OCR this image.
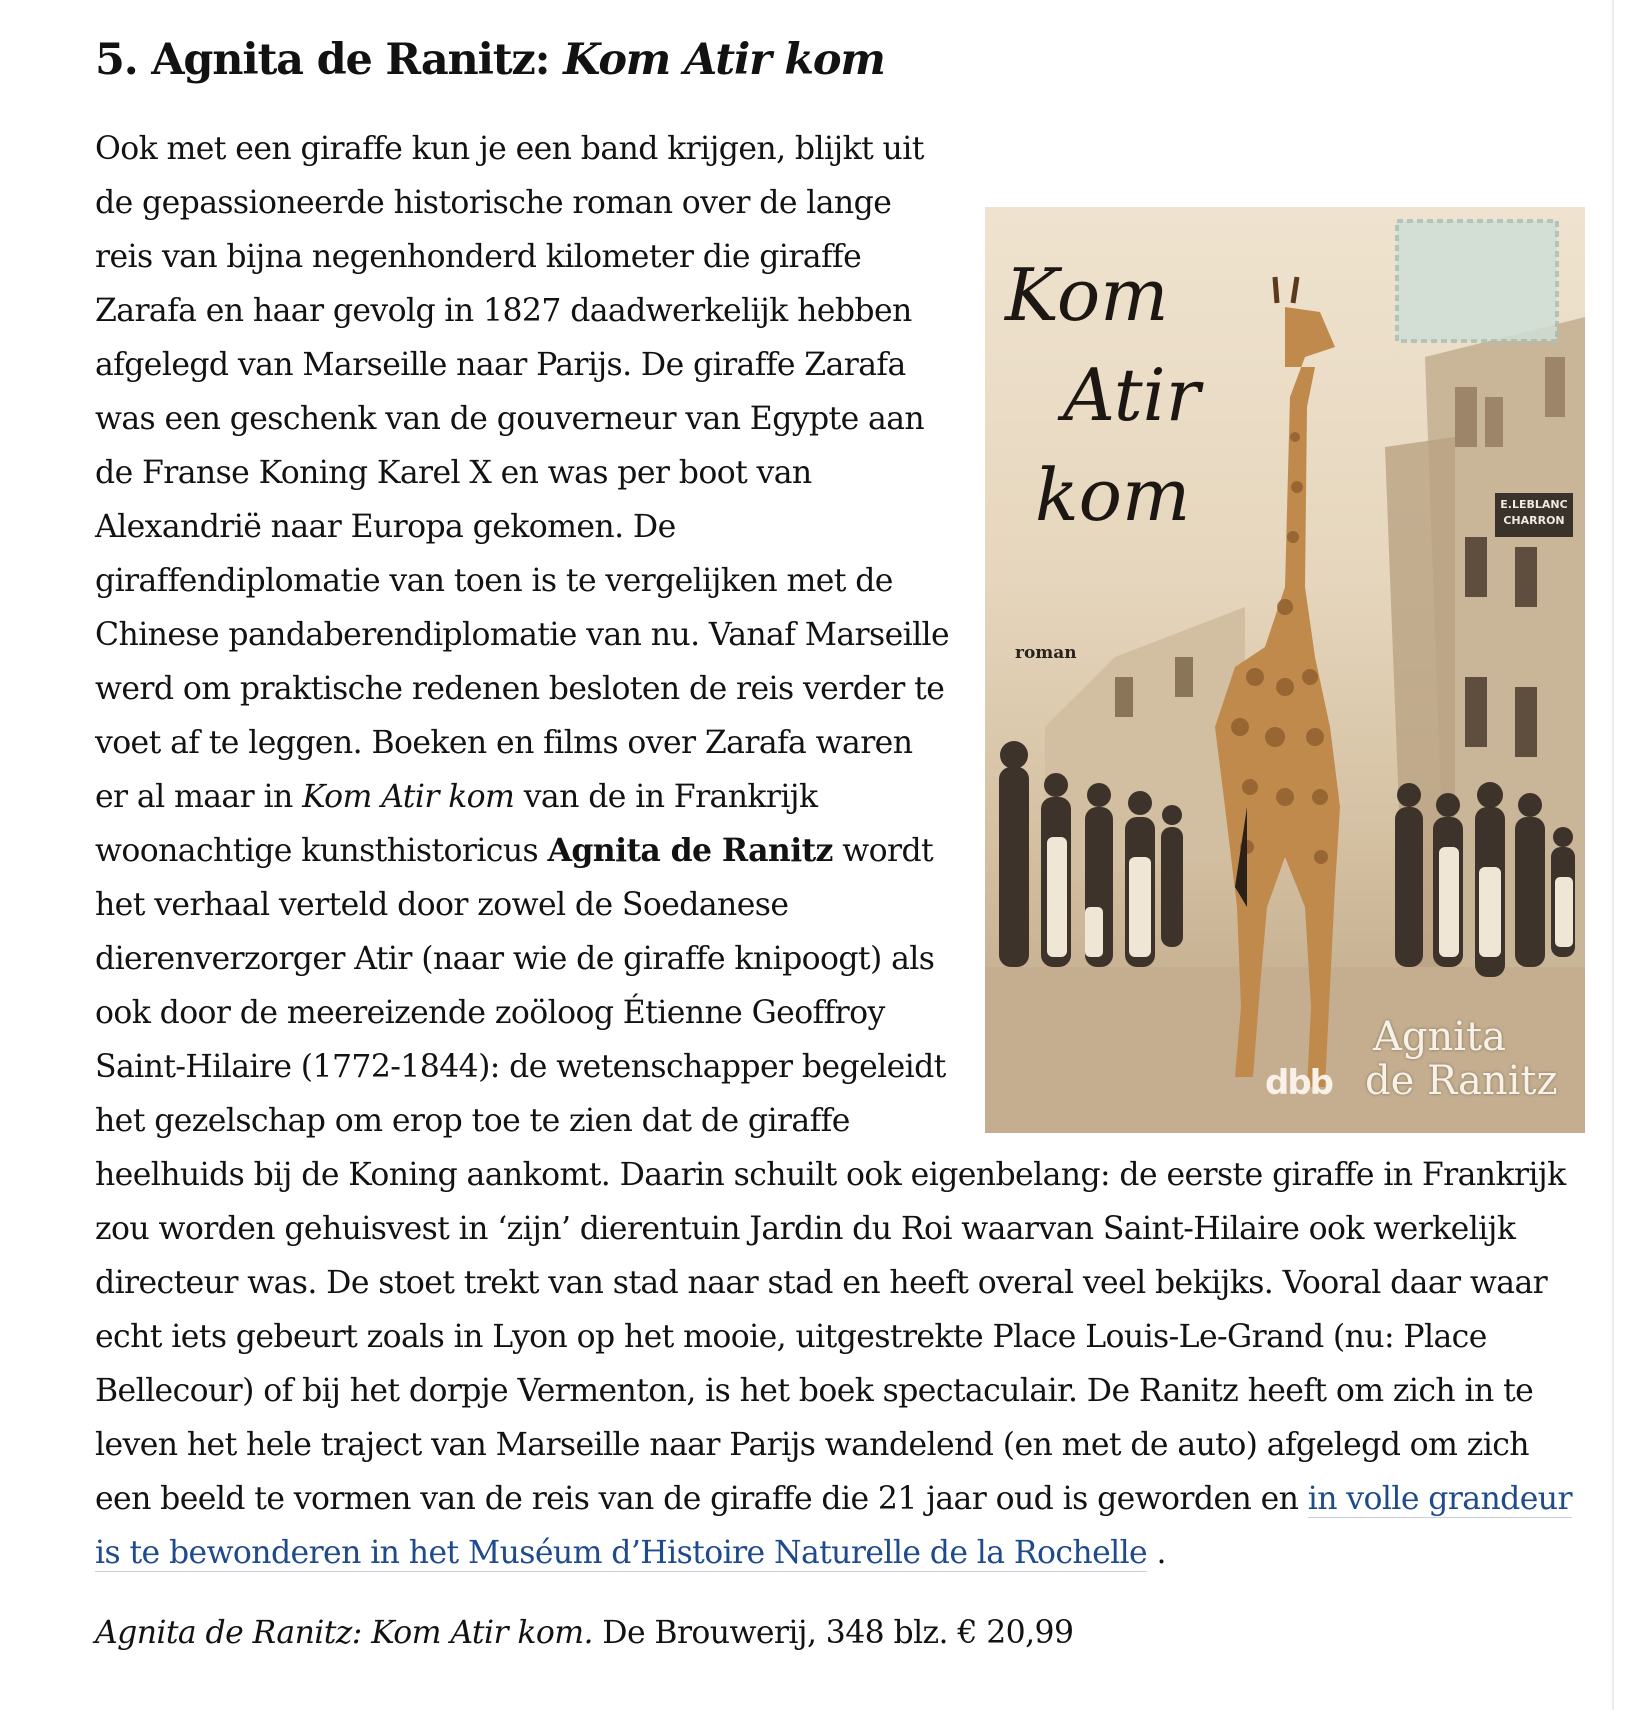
5. Agnita de Ranitz: Kom Atir kom
Kom
Atir
kom
roman
E.LEBLANC
CHARRON
dbb
Agnita
de Ranitz

Ook met een giraffe kun je een band krijgen, blijkt uit de gepassioneerde historische roman over de lange reis van bijna negenhonderd kilometer die giraffe Zarafa en haar gevolg in 1827 daadwerkelijk hebben afgelegd van Marseille naar Parijs. De giraffe Zarafa was een geschenk van de gouverneur van Egypte aan de Franse Koning Karel X en was per boot van Alexandrië naar Europa gekomen. De giraffendiplomatie van toen is te vergelijken met de Chinese pandaberendiplomatie van nu. Vanaf Marseille werd om praktische redenen besloten de reis verder te voet af te leggen. Boeken en films over Zarafa waren er al maar in Kom Atir kom van de in Frankrijk woonachtige kunsthistoricus Agnita de Ranitz wordt het verhaal verteld door zowel de Soedanese dierenverzorger Atir (naar wie de giraffe knipoogt) als ook door de meereizende zoöloog Étienne Geoffroy Saint-Hilaire (1772-1844): de wetenschapper begeleidt het gezelschap om erop toe te zien dat de giraffe heelhuids bij de Koning aankomt. Daarin schuilt ook eigenbelang: de eerste giraffe in Frankrijk zou worden gehuisvest in ‘zijn’ dierentuin Jardin du Roi waarvan Saint-Hilaire ook werkelijk directeur was. De stoet trekt van stad naar stad en heeft overal veel bekijks. Vooral daar waar echt iets gebeurt zoals in Lyon op het mooie, uitgestrekte Place Louis-Le-Grand (nu: Place Bellecour) of bij het dorpje Vermenton, is het boek spectaculair. De Ranitz heeft om zich in te leven het hele traject van Marseille naar Parijs wandelend (en met de auto) afgelegd om zich een beeld te vormen van de reis van de giraffe die 21 jaar oud is geworden en in volle grandeur is te bewonderen in het Muséum d’Histoire Naturelle de la Rochelle .

Agnita de Ranitz: Kom Atir kom. De Brouwerij, 348 blz. € 20,99
